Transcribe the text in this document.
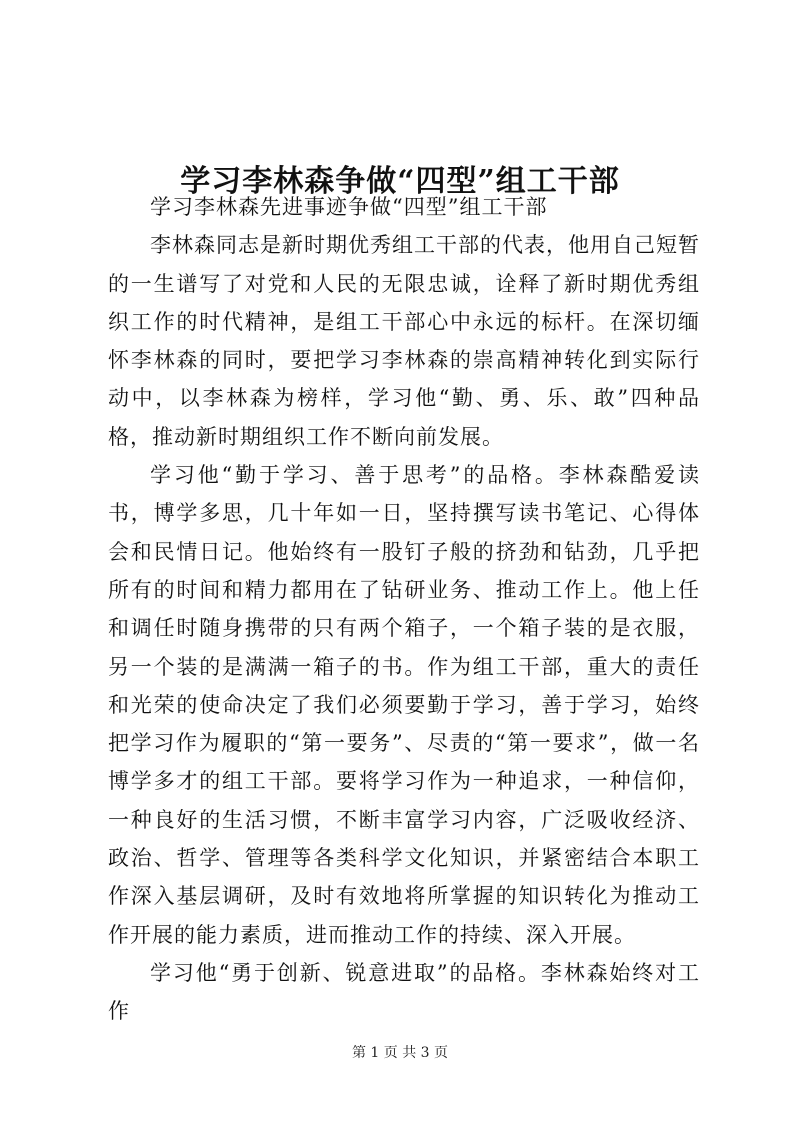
学习李林森争做“四型”组工干部

学习李林森先进事迹争做“四型”组工干部

李林森同志是新时期优秀组工干部的代表，他用自己短暂的一生谱写了对党和人民的无限忠诚，诠释了新时期优秀组织工作的时代精神，是组工干部心中永远的标杆。在深切缅怀李林森的同时，要把学习李林森的崇高精神转化到实际行动中，以李林森为榜样，学习他“勤、勇、乐、敢”四种品格，推动新时期组织工作不断向前发展。

学习他“勤于学习、善于思考”的品格。李林森酷爱读书，博学多思，几十年如一日，坚持撰写读书笔记、心得体会和民情日记。他始终有一股钉子般的挤劲和钻劲，几乎把所有的时间和精力都用在了钻研业务、推动工作上。他上任和调任时随身携带的只有两个箱子，一个箱子装的是衣服，另一个装的是满满一箱子的书。作为组工干部，重大的责任和光荣的使命决定了我们必须要勤于学习，善于学习，始终把学习作为履职的“第一要务”、尽责的“第一要求”，做一名博学多才的组工干部。要将学习作为一种追求，一种信仰，一种良好的生活习惯，不断丰富学习内容，广泛吸收经济、政治、哲学、管理等各类科学文化知识，并紧密结合本职工作深入基层调研，及时有效地将所掌握的知识转化为推动工作开展的能力素质，进而推动工作的持续、深入开展。

学习他“勇于创新、锐意进取”的品格。李林森始终对工作

第 1 页 共 3 页
